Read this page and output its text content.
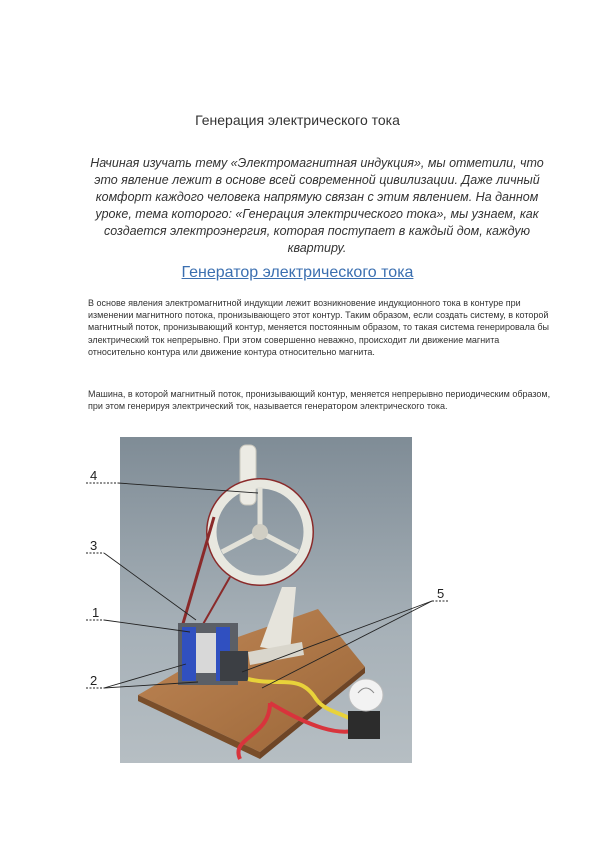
Генерация электрического тока
Начиная изучать тему «Электромагнитная индукция», мы отметили, что это явление лежит в основе всей современной цивилизации. Даже личный комфорт каждого человека напрямую связан с этим явлением. На данном уроке, тема которого: «Генерация электрического тока», мы узнаем, как создается электроэнергия, которая поступает в каждый дом, каждую квартиру.
Генератор электрического тока
В основе явления электромагнитной индукции лежит возникновение индукционного тока в контуре при изменении магнитного потока, пронизывающего этот контур. Таким образом, если создать систему, в которой магнитный поток, пронизывающий контур, меняется постоянным образом, то такая система генерировала бы электрический ток непрерывно. При этом совершенно неважно, происходит ли движение магнита относительно контура или движение контура относительно магнита.
Машина, в которой магнитный поток, пронизывающий контур, меняется непрерывно периодическим образом, при этом генерируя электрический ток, называется генератором электрического тока.
4
3
1
2
5
